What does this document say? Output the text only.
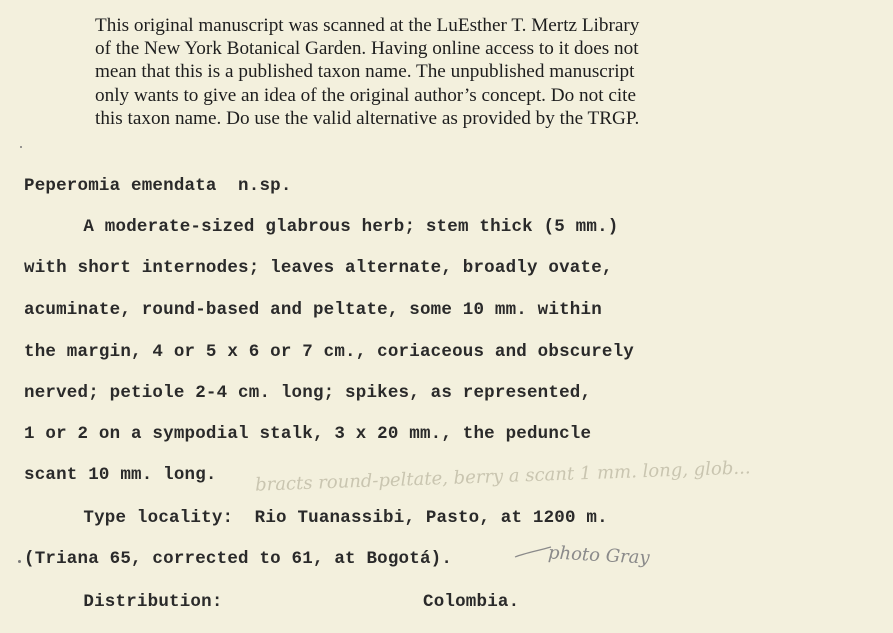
This original manuscript was scanned at the LuEsther T. Mertz Library

of the New York Botanical Garden. Having online access to it does not

mean that this is a published taxon name. The unpublished manuscript

only wants to give an idea of the original author’s concept. Do not cite

this taxon name. Do use the valid alternative as provided by the TRGP.

Peperomia emendata  n.sp.
A moderate-sized glabrous herb; stem thick (5 mm.)
with short internodes; leaves alternate, broadly ovate,
acuminate, round-based and peltate, some 10 mm. within
the margin, 4 or 5 x 6 or 7 cm., coriaceous and obscurely
nerved; petiole 2-4 cm. long; spikes, as represented,
1 or 2 on a sympodial stalk, 3 x 20 mm., the peduncle
scant 10 mm. long. bracts round-peltate, berry a scant 1 mm. long, glob...
Type locality:  Rio Tuanassibi, Pasto, at 1200 m.
(Triana 65, corrected to 61, at Bogotá).	photo Gray
Distribution:	Colombia.
